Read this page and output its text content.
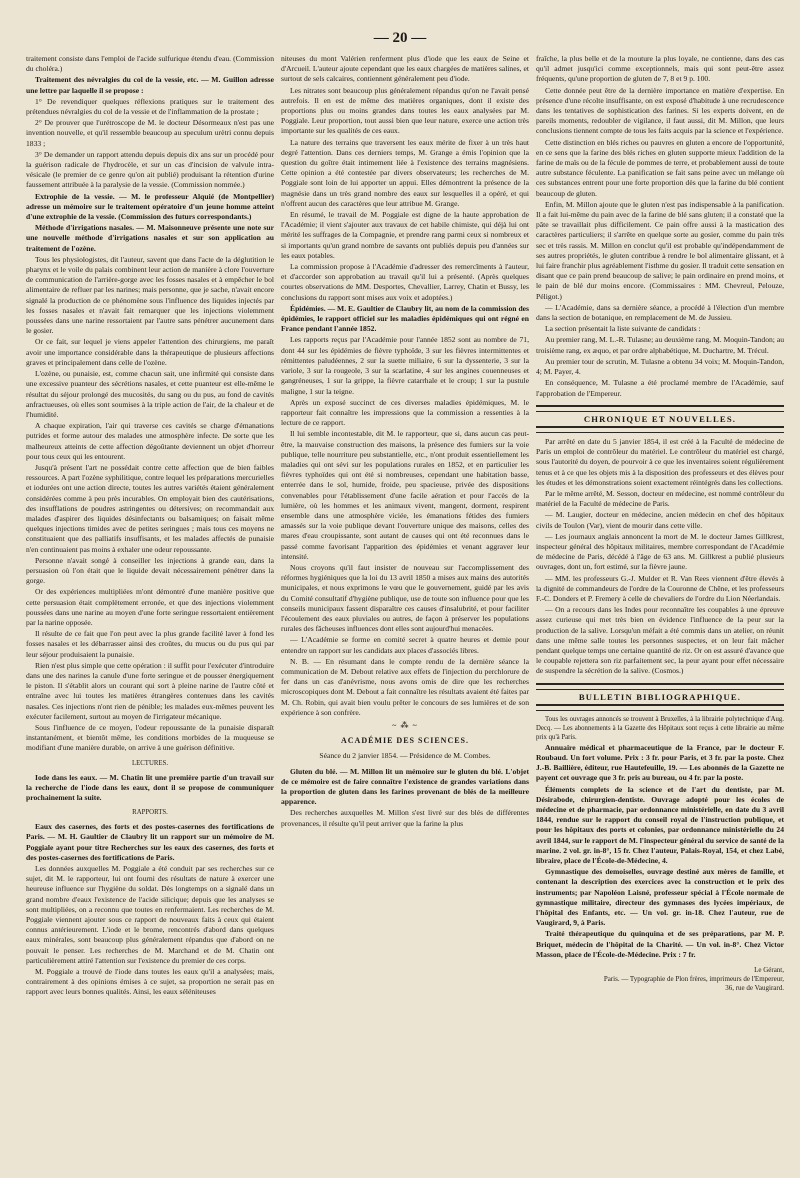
— 20 —

traitement consiste dans l'emploi de l'acide sulfurique étendu d'eau. (Commission du choléra.)

Traitement des névralgies du col de la vessie, etc. — M. Guillon adresse une lettre par laquelle il se propose :

1° De revendiquer quelques réflexions pratiques sur le traitement des prétendues névralgies du col de la vessie et de l'inflammation de la prostate ;

2° De prouver que l'urétroscope de M. le docteur Désormeaux n'est pas une invention nouvelle, et qu'il ressemble beaucoup au speculum urètri connu depuis 1833 ;

3° De demander un rapport attendu depuis depuis dix ans sur un procédé pour la guérison radicale de l'hydrocèle, et sur un cas d'incision de valvule intra-vésicale (le premier de ce genre qu'on ait publié) produisant la rétention d'urine faussement attribuée à la paralysie de la vessie. (Commission nommée.)

Extrophie de la vessie. — M. le professeur Alquié (de Montpellier) adresse un mémoire sur le traitement opératoire d'un jeune homme atteint d'une extrophie de la vessie. (Commission des futurs correspondants.)

Méthode d'irrigations nasales. — M. Maisonneuve présente une note sur une nouvelle méthode d'irrigations nasales et sur son application au traitement de l'ozène.

Tous les physiologistes, dit l'auteur, savent que dans l'acte de la déglutition le pharynx et le voile du palais combinent leur action de manière à clore l'ouverture de communication de l'arrière-gorge avec les fosses nasales et à empêcher le bol alimentaire de refluer par les narines; mais personne, que je sache, n'avait encore signalé la production de ce phénomène sous l'influence des liquides injectés par les fosses nasales et n'avait fait remarquer que les injections violemment poussées dans une narine ressortaient par l'autre sans pénétrer aucunement dans le gosier.

Or ce fait, sur lequel je viens appeler l'attention des chirurgiens, me paraît avoir une importance considérable dans la thérapeutique de plusieurs affections graves et principalement dans celle de l'ozène.

L'ozène, ou punaisie, est, comme chacun sait, une infirmité qui consiste dans une excessive puanteur des sécrétions nasales, et cette puanteur est elle-même le résultat du séjour prolongé des mucosités, du sang ou du pus, au fond de cavités anfractueuses, où elles sont soumises à la triple action de l'air, de la chaleur et de l'humidité.

A chaque expiration, l'air qui traverse ces cavités se charge d'émanations putrides et forme autour des malades une atmosphère infecte. De sorte que les malheureux atteints de cette affection dégoûtante deviennent un objet d'horreur pour tous ceux qui les entourent.

Jusqu'à présent l'art ne possédait contre cette affection que de bien faibles ressources. A part l'ozène syphilitique, contre lequel les préparations mercurielles et iodurées ont une action directe, toutes les autres variétés étaient généralement considérées comme à peu près incurables. On employait bien des cautérisations, des insufflations de poudres astringentes ou détersives; on recommandait aux malades d'aspirer des liquides désinfectants ou balsamiques; on faisait même quelques injections timides avec de petites seringues ; mais tous ces moyens ne constituaient que des palliatifs insuffisants, et les malades affectés de punaisie n'en continuaient pas moins à exhaler une odeur repoussante.

Personne n'avait songé à conseiller les injections à grande eau, dans la persuasion où l'on était que le liquide devait nécessairement pénétrer dans la gorge.

Or des expériences multipliées m'ont démontré d'une manière positive que cette persuasion était complètement erronée, et que des injections violemment poussées dans une narine au moyen d'une forte seringue ressortaient entièrement par la narine opposée.

Il résulte de ce fait que l'on peut avec la plus grande facilité laver à fond les fosses nasales et les débarrasser ainsi des croûtes, du mucus ou du pus qui par leur séjour produisaient la punaisie.

Rien n'est plus simple que cette opération : il suffit pour l'exécuter d'introduire dans une des narines la canule d'une forte seringue et de pousser énergiquement le piston. Il s'établit alors un courant qui sort à pleine narine de l'autre côté et entraîne avec lui toutes les matières étrangères contenues dans les cavités nasales. Ces injections n'ont rien de pénible; les malades eux-mêmes peuvent les exécuter facilement, surtout au moyen de l'irrigateur mécanique.

Sous l'influence de ce moyen, l'odeur repoussante de la punaisie disparaît instantanément, et bientôt même, les conditions morbides de la muqueuse se modifiant d'une manière durable, on arrive à une guérison définitive.

LECTURES.

Iode dans les eaux. — M. Chatin lit une première partie d'un travail sur la recherche de l'iode dans les eaux, dont il se propose de communiquer prochainement la suite.

RAPPORTS.

Eaux des casernes, des forts et des postes-casernes des fortifications de Paris. — M. H. Gaultier de Claubry lit un rapport sur un mémoire de M. Poggiale ayant pour titre Recherches sur les eaux des casernes, des forts et des postes-casernes des fortifications de Paris.

Les données auxquelles M. Poggiale a été conduit par ses recherches sur ce sujet, dit M. le rapporteur, lui ont fourni des résultats de nature à exercer une heureuse influence sur l'hygiène du soldat. Dès longtemps on a signalé dans un grand nombre d'eaux l'existence de l'acide silicique; depuis que les analyses se sont multipliées, on a reconnu que toutes en renfermaient. Les recherches de M. Poggiale viennent ajouter sous ce rapport de nouveaux faits à ceux qui étaient connus antérieurement. L'iode et le brome, rencontrés d'abord dans quelques eaux minérales, sont beaucoup plus généralement répandus que d'abord on ne pouvait le penser. Les recherches de M. Marchand et de M. Chatin ont particulièrement attiré l'attention sur l'existence du premier de ces corps.

M. Poggiale a trouvé de l'iode dans toutes les eaux qu'il a analysées; mais, contrairement à des opinions émises à ce sujet, sa proportion ne serait pas en rapport avec leurs bonnes qualités. Ainsi, les eaux séléniteuses

niteuses du mont Valérien renferment plus d'iode que les eaux de Seine et d'Arcueil. L'auteur ajoute cependant que les eaux chargées de matières salines, et surtout de sels calcaires, contiennent généralement peu d'iode.

Les nitrates sont beaucoup plus généralement répandus qu'on ne l'avait pensé autrefois. Il en est de même des matières organiques, dont il existe des proportions plus ou moins grandes dans toutes les eaux analysées par M. Poggiale. Leur proportion, tout aussi bien que leur nature, exerce une action très importante sur les qualités de ces eaux.

La nature des terrains que traversent les eaux mérite de fixer à un très haut degré l'attention. Dans ces derniers temps, M. Grange a émis l'opinion que la question du goître était intimement liée à l'existence des terrains magnésiens. Cette opinion a été contestée par divers observateurs; les recherches de M. Poggiale sont loin de lui apporter un appui. Elles démontrent la présence de la magnésie dans un très grand nombre des eaux sur lesquelles il a opéré, et qui n'offrent aucun des caractères que leur attribue M. Grange.

En résumé, le travail de M. Poggiale est digne de la haute approbation de l'Académie; il vient s'ajouter aux travaux de cet habile chimiste, qui déjà lui ont mérité les suffrages de la Compagnie, et prendre rang parmi ceux si nombreux et si importants qu'un grand nombre de savants ont publiés depuis peu d'années sur les eaux potables.

La commission propose à l'Académie d'adresser des remercîments à l'auteur, et d'accorder son approbation au travail qu'il lui a présenté. (Après quelques courtes observations de MM. Desportes, Chevallier, Larrey, Chatin et Bussy, les conclusions du rapport sont mises aux voix et adoptées.)

Épidémies. — M. E. Gaultier de Claubry lit, au nom de la commission des épidémies, le rapport officiel sur les maladies épidémiques qui ont régné en France pendant l'année 1852.

Les rapports reçus par l'Académie pour l'année 1852 sont au nombre de 71, dont 44 sur les épidémies de fièvre typhoïde, 3 sur les fièvres intermittentes et rémittentes paludéennes, 2 sur la suette miliaire, 6 sur la dyssenterie, 3 sur la variole, 3 sur la rougeole, 3 sur la scarlatine, 4 sur les angines couenneuses et gangréneuses, 1 sur la grippe, la fièvre catarrhale et le croup; 1 sur la pustule maligne, 1 sur la teigne.

Après un exposé succinct de ces diverses maladies épidémiques, M. le rapporteur fait connaître les impressions que la commission a ressenties à la lecture de ce rapport.

Il lui semble incontestable, dit M. le rapporteur, que si, dans aucun cas peut-être, la mauvaise construction des maisons, la présence des fumiers sur la voie publique, telle nourriture peu substantielle, etc., n'ont produit essentiellement les maladies qui ont sévi sur les populations rurales en 1852, et en particulier les fièvres typhoïdes qui ont été si nombreuses, cependant une habitation basse, enterrée dans le sol, humide, froide, peu spacieuse, privée des dispositions convenables pour l'établissement d'une facile aération et pour l'accès de la lumière, où les hommes et les animaux vivent, mangent, dorment, respirent ensemble dans une atmosphère viciée, les émanations fétides des fumiers amassés sur la voie publique devant l'ouverture unique des maisons, celles des mares d'eau croupissante, sont autant de causes qui ont été reconnues dans le passé comme favorisant l'apparition des épidémies et venant aggraver leur intensité.

Nous croyons qu'il faut insister de nouveau sur l'accomplissement des réformes hygiéniques que la loi du 13 avril 1850 a mises aux mains des autorités municipales, et nous exprimons le vœu que le gouvernement, guidé par les avis du Comité consultatif d'hygiène publique, use de toute son influence pour que les conseils municipaux fassent disparaître ces causes d'insalubrité, et pour faciliter l'écoulement des eaux pluviales ou autres, de façon à préserver les populations rurales des fâcheuses influences dont elles sont aujourd'hui menacées.

— L'Académie se forme en comité secret à quatre heures et demie pour entendre un rapport sur les candidats aux places d'associés libres.

N. B. — En résumant dans le compte rendu de la dernière séance la communication de M. Debout relative aux effets de l'injection du perchlorure de fer dans un cas d'anévrisme, nous avons omis de dire que les recherches microscopiques dont M. Debout a fait connaître les résultats avaient été faites par M. Ch. Robin, qui avait bien voulu prêter le concours de ses lumières et de son expérience à son confrère.

~ ⁂ ~

ACADÉMIE DES SCIENCES.

Séance du 2 janvier 1854. — Présidence de M. Combes.

Gluten du blé. — M. Millon lit un mémoire sur le gluten du blé. L'objet de ce mémoire est de faire connaître l'existence de grandes variations dans la proportion de gluten dans les farines provenant de blés de la meilleure apparence.

Des recherches auxquelles M. Millon s'est livré sur des blés de différentes provenances, il résulte qu'il peut arriver que la farine la plus

fraîche, la plus belle et de la mouture la plus loyale, ne contienne, dans des cas qu'il admet jusqu'ici comme exceptionnels, mais qui sont peut-être assez fréquents, qu'une proportion de gluten de 7, 8 et 9 p. 100.

Cette donnée peut être de la dernière importance en matière d'expertise. En présence d'une récolte insuffisante, on est exposé d'habitude à une recrudescence dans les tentatives de sophistication des farines. Si les experts doivent, en de pareils moments, redoubler de vigilance, il faut aussi, dit M. Millon, que leurs conclusions tiennent compte de tous les faits acquis par la science et l'expérience.

Cette distinction en blés riches ou pauvres en gluten a encore de l'opportunité, en ce sens que la farine des blés riches en gluten supporte mieux l'addition de la farine de maïs ou de la fécule de pommes de terre, et probablement aussi de toute autre substance féculente. La panification se fait sans peine avec un mélange où ces substances entrent pour une forte proportion dès que la farine du blé contient beaucoup de gluten.

Enfin, M. Millon ajoute que le gluten n'est pas indispensable à la panification. Il a fait lui-même du pain avec de la farine de blé sans gluten; il a constaté que la pâte se travaillait plus difficilement. Ce pain offre aussi à la mastication des caractères particuliers; il s'arrête en quelque sorte au gosier, comme du pain très sec et très rassis. M. Millon en conclut qu'il est probable qu'indépendamment de ses autres propriétés, le gluten contribue à rendre le bol alimentaire glissant, et à lui faire franchir plus agréablement l'isthme du gosier. Il traduit cette sensation en disant que ce pain prend beaucoup de salive; le pain ordinaire en prend moins, et le pain de blé dur moins encore. (Commissaires : MM. Chevreul, Pelouze, Péligot.)

— L'Académie, dans sa dernière séance, a procédé à l'élection d'un membre dans la section de botanique, en remplacement de M. de Jussieu.

La section présentait la liste suivante de candidats :

Au premier rang, M. L.-R. Tulasne; au deuxième rang, M. Moquin-Tandon; au troisième rang, ex æquo, et par ordre alphabétique, M. Duchartre, M. Trécul.

Au premier tour de scrutin, M. Tulasne a obtenu 34 voix; M. Moquin-Tandon, 4; M. Payer, 4.

En conséquence, M. Tulasne a été proclamé membre de l'Académie, sauf l'approbation de l'Empereur.

CHRONIQUE ET NOUVELLES.

Par arrêté en date du 5 janvier 1854, il est créé à la Faculté de médecine de Paris un emploi de contrôleur du matériel. Le contrôleur du matériel est chargé, sous l'autorité du doyen, de pourvoir à ce que les inventaires soient régulièrement tenus et à ce que les objets mis à la disposition des professeurs et des élèves pour les études et les démonstrations soient exactement réintégrés dans les collections.

Par le même arrêté, M. Sesson, docteur en médecine, est nommé contrôleur du matériel de la Faculté de médecine de Paris.

— M. Laugier, docteur en médecine, ancien médecin en chef des hôpitaux civils de Toulon (Var), vient de mourir dans cette ville.

— Les journaux anglais annoncent la mort de M. le docteur James Gillkrest, inspecteur général des hôpitaux militaires, membre correspondant de l'Académie de médecine de Paris, décédé à l'âge de 63 ans. M. Gillkrest a publié plusieurs ouvrages, dont un, fort estimé, sur la fièvre jaune.

— MM. les professeurs G.-J. Mulder et R. Van Rees viennent d'être élevés à la dignité de commandeurs de l'ordre de la Couronne de Chêne, et les professeurs F.-C. Donders et P. Fremery à celle de chevaliers de l'ordre du Lion Néerlandais.

— On a recours dans les Indes pour reconnaître les coupables à une épreuve assez curieuse qui met très bien en évidence l'influence de la peur sur la production de la salive. Lorsqu'un méfait a été commis dans un atelier, on réunit dans une même salle toutes les personnes suspectes, et on leur fait mâcher pendant quelque temps une certaine quantité de riz. Or on est assuré d'avance que le coupable rejettera son riz parfaitement sec, la peur ayant pour effet nécessaire de suspendre la sécrétion de la salive. (Cosmos.)

BULLETIN BIBLIOGRAPHIQUE.

Tous les ouvrages annoncés se trouvent à Bruxelles, à la librairie polytechnique d'Aug. Decq. — Les abonnements à la Gazette des Hôpitaux sont reçus à cette librairie au même prix qu'à Paris.

Annuaire médical et pharmaceutique de la France, par le docteur F. Roubaud. Un fort volume. Prix : 3 fr. pour Paris, et 3 fr. par la poste. Chez J.-B. Baillière, éditeur, rue Hautefeuille, 19. — Les abonnés de la Gazette ne payent cet ouvrage que 3 fr. pris au bureau, ou 4 fr. par la poste.

Éléments complets de la science et de l'art du dentiste, par M. Désirabode, chirurgien-dentiste. Ouvrage adopté pour les écoles de médecine et de pharmacie, par ordonnance ministérielle, en date du 3 avril 1844, rendue sur le rapport du conseil royal de l'instruction publique, et pour les hôpitaux des ports et colonies, par ordonnance ministérielle du 24 avril 1844, sur le rapport de M. l'inspecteur général du service de santé de la marine. 2 vol. gr. in-8°, 15 fr. Chez l'auteur, Palais-Royal, 154, et chez Labé, libraire, place de l'École-de-Médecine, 4.

Gymnastique des demoiselles, ouvrage destiné aux mères de famille, et contenant la description des exercices avec la construction et le prix des instruments; par Napoléon Laisné, professeur spécial à l'École normale de gymnastique militaire, directeur des gymnases des lycées impériaux, de l'hôpital des Enfants, etc. — Un vol. gr. in-18. Chez l'auteur, rue de Vaugirard, 9, à Paris.

Traité thérapeutique du quinquina et de ses préparations, par M. P. Briquet, médecin de l'hôpital de la Charité. — Un vol. in-8°. Chez Victor Masson, place de l'École-de-Médecine. Prix : 7 fr.

Le Gérant,
Paris. — Typographie de Plon frères, imprimeurs de l'Empereur,
36, rue de Vaugirard.
